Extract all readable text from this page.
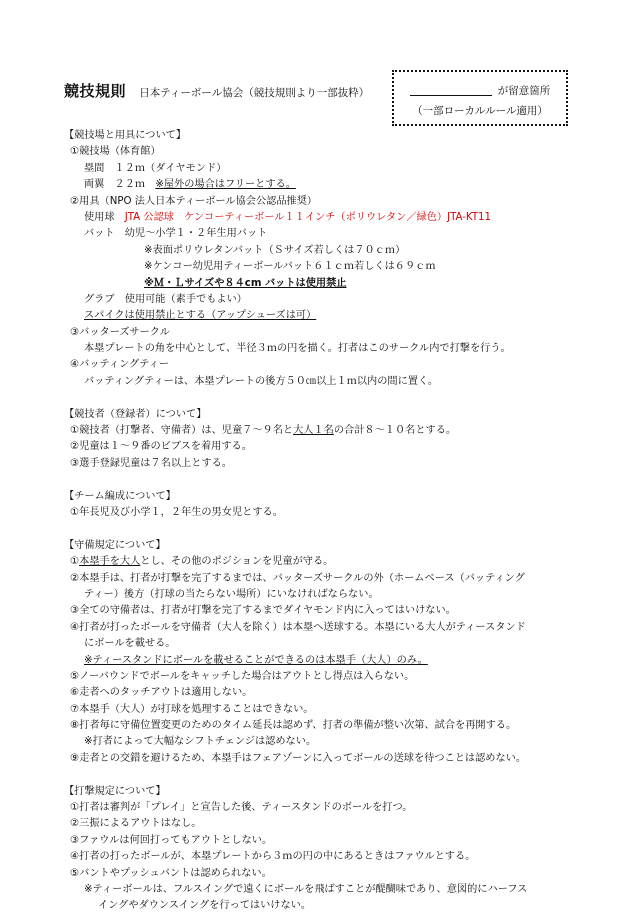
競技規則 日本ティーボール協会（競技規則より一部抜粋）	が留意箇所
（一部ローカルルール適用）
【競技場と用具について】
①競技場（体育館）
塁間　１２ｍ（ダイヤモンド）
両翼　２２ｍ　 ※屋外の場合はフリーとする。
②用具（NPO 法人日本ティーボール協会公認品推奨）
使用球　 JTA 公認球　ケンコーティーボール１１インチ（ポリウレタン／緑色）JTA-KT11
バット　幼児～小学１・２年生用バット
※表面ポリウレタンバット（Ｓサイズ若しくは７０ｃｍ）
※ケンコー幼児用ティーボールバット６１ｃｍ若しくは６９ｃｍ
※Ｍ・Ｌサイズや８４cm バットは使用禁止
グラブ　使用可能（素手でもよい）
スパイクは使用禁止とする（アップシューズは可）
③バッターズサークル
本塁プレートの角を中心として、半径３ｍの円を描く。打者はこのサークル内で打撃を行う。
④バッティングティー
バッティングティーは、本塁プレートの後方５０㎝以上１ｍ以内の間に置く。
【競技者（登録者）について】
①競技者（打撃者、守備者）は、児童７～９名と大人１名の合計８～１０名とする。
②児童は１～９番のビブスを着用する。
③選手登録児童は７名以上とする。
【チーム編成について】
①年長児及び小学１，２年生の男女児とする。
【守備規定について】
①本塁手を大人とし、その他のポジションを児童が守る。
②本塁手は、打者が打撃を完了するまでは、バッターズサークルの外（ホームベース（バッティング
ティー）後方（打球の当たらない場所）にいなければならない。
③全ての守備者は、打者が打撃を完了するまでダイヤモンド内に入ってはいけない。
④打者が打ったボールを守備者（大人を除く）は本塁へ送球する。本塁にいる大人がティースタンド
にボールを載せる。
※ティースタンドにボールを載せることができるのは本塁手（大人）のみ。
⑤ノーバウンドでボールをキャッチした場合はアウトとし得点は入らない。
⑥走者へのタッチアウトは適用しない。
⑦本塁手（大人）が打球を処理することはできない。
⑧打者毎に守備位置変更のためのタイム延長は認めず、打者の準備が整い次第、試合を再開する。
※打者によって大幅なシフトチェンジは認めない。
⑨走者との交錯を避けるため、本塁手はフェアゾーンに入ってボールの送球を待つことは認めない。
【打撃規定について】
①打者は審判が「プレイ」と宣告した後、ティースタンドのボールを打つ。
②三振によるアウトはなし。
③ファウルは何回打ってもアウトとしない。
④打者の打ったボールが、本塁プレートから３ｍの円の中にあるときはファウルとする。
⑤バントやプッシュバントは認められない。
※ティーボールは、フルスイングで遠くにボールを飛ばすことが醍醐味であり、意図的にハーフス
イングやダウンスイングを行ってはいけない。
